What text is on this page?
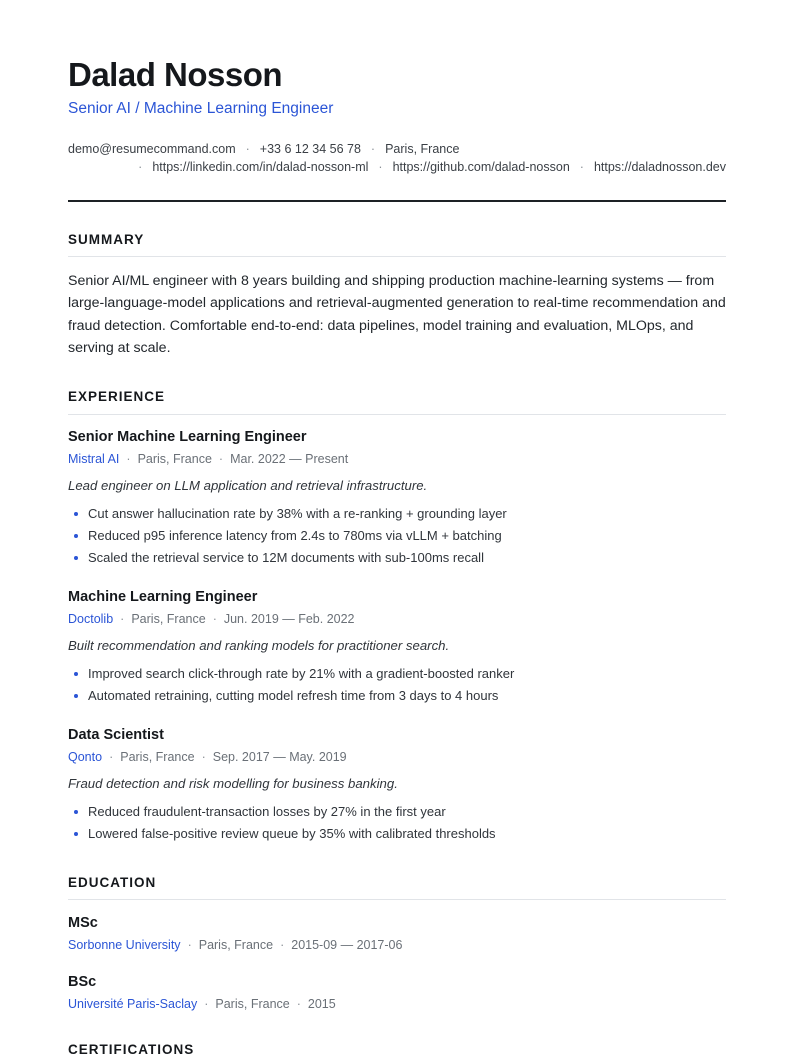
Dalad Nosson
Senior AI / Machine Learning Engineer
demo@resumecommand.com · +33 6 12 34 56 78 · Paris, France
· https://linkedin.com/in/dalad-nosson-ml · https://github.com/dalad-nosson · https://daladnosson.dev
SUMMARY

Senior AI/ML engineer with 8 years building and shipping production machine-learning systems — from large-language-model applications and retrieval-augmented generation to real-time recommendation and fraud detection. Comfortable end-to-end: data pipelines, model training and evaluation, MLOps, and serving at scale.

EXPERIENCE
Senior Machine Learning Engineer
Mistral AI · Paris, France · Mar. 2022 — Present
Lead engineer on LLM application and retrieval infrastructure.
Cut answer hallucination rate by 38% with a re-ranking + grounding layer
Reduced p95 inference latency from 2.4s to 780ms via vLLM + batching
Scaled the retrieval service to 12M documents with sub-100ms recall
Machine Learning Engineer
Doctolib · Paris, France · Jun. 2019 — Feb. 2022
Built recommendation and ranking models for practitioner search.
Improved search click-through rate by 21% with a gradient-boosted ranker
Automated retraining, cutting model refresh time from 3 days to 4 hours
Data Scientist
Qonto · Paris, France · Sep. 2017 — May. 2019
Fraud detection and risk modelling for business banking.
Reduced fraudulent-transaction losses by 27% in the first year
Lowered false-positive review queue by 35% with calibrated thresholds
EDUCATION
MSc
Sorbonne University · Paris, France · 2015-09 — 2017-06
BSc
Université Paris-Saclay · Paris, France · 2015
CERTIFICATIONS
